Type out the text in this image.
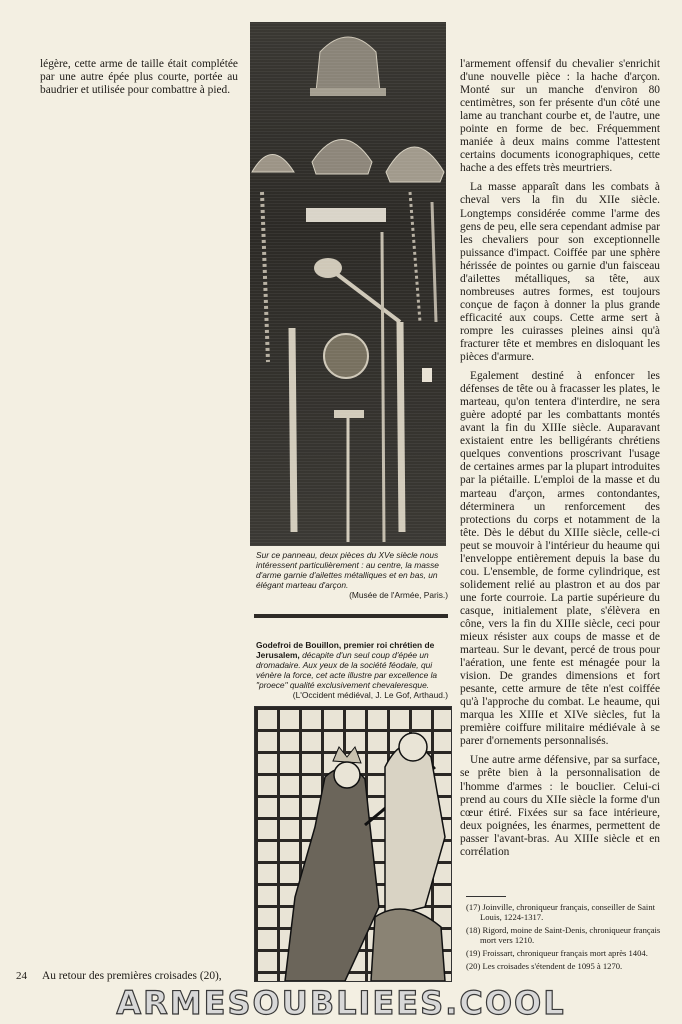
légère, cette arme de taille était complétée par une autre épée plus courte, portée au baudrier et utilisée pour combattre à pied.

24 Au retour des premières croisades (20),
Sur ce panneau, deux pièces du XVe siècle nous intéressent particulièrement : au centre, la masse d'arme garnie d'ailettes métalliques et en bas, un élégant marteau d'arçon.
(Musée de l'Armée, Paris.)
Godefroi de Bouillon, premier roi chrétien de Jerusalem, décapite d'un seul coup d'épée un dromadaire. Aux yeux de la société féodale, qui vénère la force, cet acte illustre par excellence la "proece" qualité exclusivement chevaleresque.
(L'Occident médiéval, J. Le Gof, Arthaud.)

l'armement offensif du chevalier s'enrichit d'une nouvelle pièce : la hache d'arçon. Monté sur un manche d'environ 80 centimètres, son fer présente d'un côté une lame au tranchant courbe et, de l'autre, une pointe en forme de bec. Fréquemment maniée à deux mains comme l'attestent certains documents iconographiques, cette hache a des effets très meurtriers.

La masse apparaît dans les combats à cheval vers la fin du XIIe siècle. Longtemps considérée comme l'arme des gens de peu, elle sera cependant admise par les chevaliers pour son exceptionnelle puissance d'impact. Coiffée par une sphère hérissée de pointes ou garnie d'un faisceau d'ailettes métalliques, sa tête, aux nombreuses autres formes, est toujours conçue de façon à donner la plus grande efficacité aux coups. Cette arme sert à rompre les cuirasses pleines ainsi qu'à fracturer tête et membres en disloquant les pièces d'armure.

Egalement destiné à enfoncer les défenses de tête ou à fracasser les plates, le marteau, qu'on tentera d'interdire, ne sera guère adopté par les combattants montés avant la fin du XIIIe siècle. Auparavant existaient entre les belligérants chrétiens quelques conventions proscrivant l'usage de certaines armes par la plupart introduites par la piétaille. L'emploi de la masse et du marteau d'arçon, armes contondantes, déterminera un renforcement des protections du corps et notamment de la tête. Dès le début du XIIIe siècle, celle-ci peut se mouvoir à l'intérieur du heaume qui l'enveloppe entièrement depuis la base du cou. L'ensemble, de forme cylindrique, est solidement relié au plastron et au dos par une forte courroie. La partie supérieure du casque, initialement plate, s'élèvera en cône, vers la fin du XIIIe siècle, ceci pour mieux résister aux coups de masse et de marteau. Sur le devant, percé de trous pour l'aération, une fente est ménagée pour la vision. De grandes dimensions et fort pesante, cette armure de tête n'est coiffée qu'à l'approche du combat. Le heaume, qui marqua les XIIIe et XIVe siècles, fut la première coiffure militaire médiévale à se parer d'ornements personnalisés.

Une autre arme défensive, par sa surface, se prête bien à la personnalisation de l'homme d'armes : le bouclier. Celui-ci prend au cours du XIIe siècle la forme d'un cœur étiré. Fixées sur sa face intérieure, deux poignées, les énarmes, permettent de passer l'avant-bras. Au XIIIe siècle et en corrélation

(17) Joinville, chroniqueur français, conseiller de Saint Louis, 1224-1317.
(18) Rigord, moine de Saint-Denis, chroniqueur français mort vers 1210.
(19) Froissart, chroniqueur français mort après 1404.
(20) Les croisades s'étendent de 1095 à 1270.
ARMESOUBLIEES.COOL
